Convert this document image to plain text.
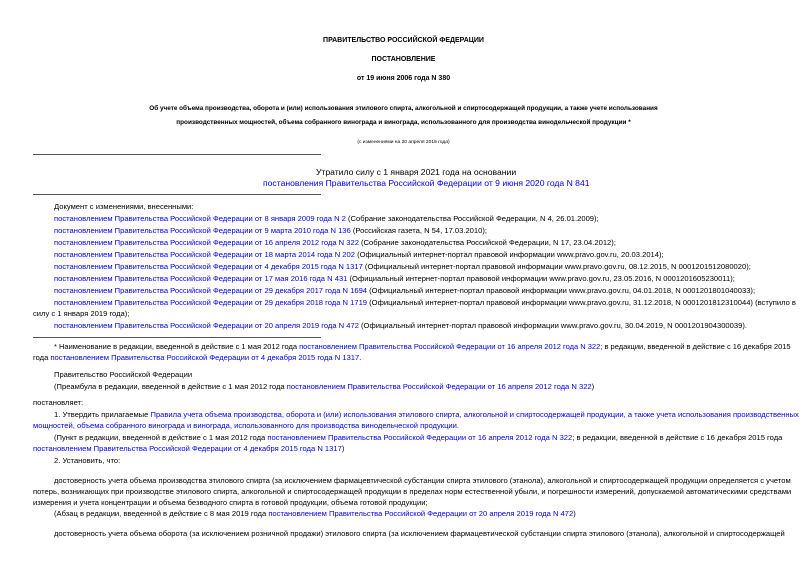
ПРАВИТЕЛЬСТВО РОССИЙСКОЙ ФЕДЕРАЦИИ
ПОСТАНОВЛЕНИЕ
от 19 июня 2006 года N 380
Об учете объема производства, оборота и (или) использования этилового спирта, алкогольной и спиртосодержащей продукции, а также учете использования
производственных мощностей, объема собранного винограда и винограда, использованного для производства винодельческой продукции *
(с изменениями на 20 апреля 2019 года)
Утратило силу с 1 января 2021 года на основании
постановления Правительства Российской Федерации от 9 июня 2020 года N 841
Документ с изменениями, внесенными:
постановлением Правительства Российской Федерации от 8 января 2009 года N 2 (Собрание законодательства Российской Федерации, N 4, 26.01.2009);
постановлением Правительства Российской Федерации от 9 марта 2010 года N 136 (Российская газета, N 54, 17.03.2010);
постановлением Правительства Российской Федерации от 16 апреля 2012 года N 322 (Собрание законодательства Российской Федерации, N 17, 23.04.2012);
постановлением Правительства Российской Федерации от 18 марта 2014 года N 202 (Официальный интернет-портал правовой информации www.pravo.gov.ru, 20.03.2014);
постановлением Правительства Российской Федерации от 4 декабря 2015 года N 1317 (Официальный интернет-портал правовой информации www.pravo.gov.ru, 08.12.2015, N 0001201512080020);
постановлением Правительства Российской Федерации от 17 мая 2016 года N 431 (Официальный интернет-портал правовой информации www.pravo.gov.ru, 23.05.2016, N 0001201605230011);
постановлением Правительства Российской Федерации от 29 декабря 2017 года N 1694 (Официальный интернет-портал правовой информации www.pravo.gov.ru, 04.01.2018, N 0001201801040033);
постановлением Правительства Российской Федерации от 29 декабря 2018 года N 1719 (Официальный интернет-портал правовой информации www.pravo.gov.ru, 31.12.2018, N 0001201812310044) (вступило в
силу с 1 января 2019 года);
постановлением Правительства Российской Федерации от 20 апреля 2019 года N 472 (Официальный интернет-портал правовой информации www.pravo.gov.ru, 30.04.2019, N 0001201904300039).
* Наименование в редакции, введенной в действие с 1 мая 2012 года постановлением Правительства Российской Федерации от 16 апреля 2012 года N 322; в редакции, введенной в действие с 16 декабря 2015
года постановлением Правительства Российской Федерации от 4 декабря 2015 года N 1317.
Правительство Российской Федерации
(Преамбула в редакции, введенной в действие с 1 мая 2012 года постановлением Правительства Российской Федерации от 16 апреля 2012 года N 322)
постановляет:
1. Утвердить прилагаемые Правила учета объема производства, оборота и (или) использования этилового спирта, алкогольной и спиртосодержащей продукции, а также учета использования производственных
мощностей, объема собранного винограда и винограда, использованного для производства винодельческой продукции.
(Пункт в редакции, введенной в действие с 1 мая 2012 года постановлением Правительства Российской Федерации от 16 апреля 2012 года N 322; в редакции, введенной в действие с 16 декабря 2015 года
постановлением Правительства Российской Федерации от 4 декабря 2015 года N 1317)
2. Установить, что:
достоверность учета объема производства этилового спирта (за исключением фармацевтической субстанции спирта этилового (этанола), алкогольной и спиртосодержащей продукции определяется с учетом
потерь, возникающих при производстве этилового спирта, алкогольной и спиртосодержащей продукции в пределах норм естественной убыли, и погрешности измерений, допускаемой автоматическими средствами
измерения и учета концентрации и объема безводного спирта в готовой продукции, объема готовой продукции;
(Абзац в редакции, введенной в действие с 8 мая 2019 года постановлением Правительства Российской Федерации от 20 апреля 2019 года N 472)
достоверность учета объема оборота (за исключением розничной продажи) этилового спирта (за исключением фармацевтической субстанции спирта этилового (этанола), алкогольной и спиртосодержащей
